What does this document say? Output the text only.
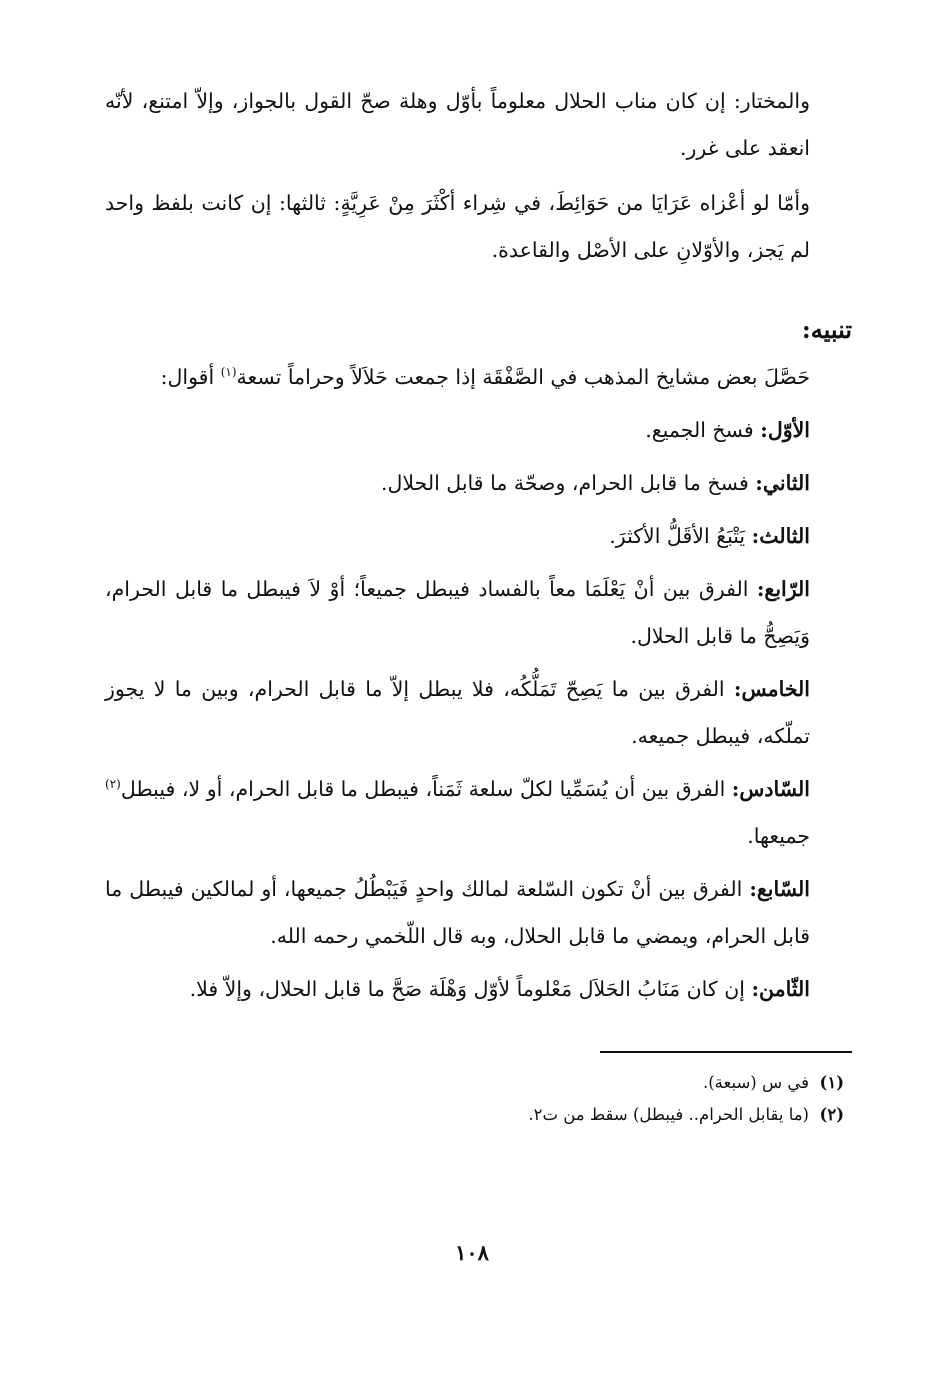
والمختار: إن كان مناب الحلال معلوماً بأوّل وهلة صحّ القول بالجواز، وإلاّ امتنع، لأنّه انعقد على غرر.

وأمّا لو أعْزاه عَرَايَا من حَوَائِطَ، في شِراء أكْثَرَ مِنْ عَرِيَّةٍ: ثالثها: إن كانت بلفظ واحد لم يَجز، والأوّلانِ على الأصْل والقاعدة.

تنبيه:

حَصَّلَ بعض مشايخ المذهب في الصَّفْقَة إذا جمعت حَلاَلاً وحراماً تسعة$^{(١)}$ أقوال:

الأوّل: فسخ الجميع.

الثاني: فسخ ما قابل الحرام، وصحّة ما قابل الحلال.

الثالث: يَتْبَعُ الأقَلُّ الأكثرَ.

الرّابع: الفرق بين أنْ يَعْلَمَا معاً بالفساد فيبطل جميعاً؛ أوْ لاَ فيبطل ما قابل الحرام، وَيَصِحُّ ما قابل الحلال.

الخامس: الفرق بين ما يَصِحّ تَمَلُّكُه، فلا يبطل إلاّ ما قابل الحرام، وبين ما لا يجوز تملّكه، فيبطل جميعه.

السّادس: الفرق بين أن يُسَمِّيا لكلّ سلعة ثَمَناً، فيبطل ما قابل الحرام، أو لا، فيبطل$^{(٢)}$ جميعها.

السّابع: الفرق بين أنْ تكون السّلعة لمالك واحدٍ فَيَبْطُلُ جميعها، أو لمالكين فيبطل ما قابل الحرام، ويمضي ما قابل الحلال، وبه قال اللّخمي رحمه الله.

الثّامن: إن كان مَنَابُ الحَلاَل مَعْلوماً لأوّل وَهْلَة صَحَّ ما قابل الحلال، وإلاّ فلا.

(١)  في س (سبعة).
(٢)  (ما يقابل الحرام.. فيبطل) سقط من ت٢.
١٠٨
